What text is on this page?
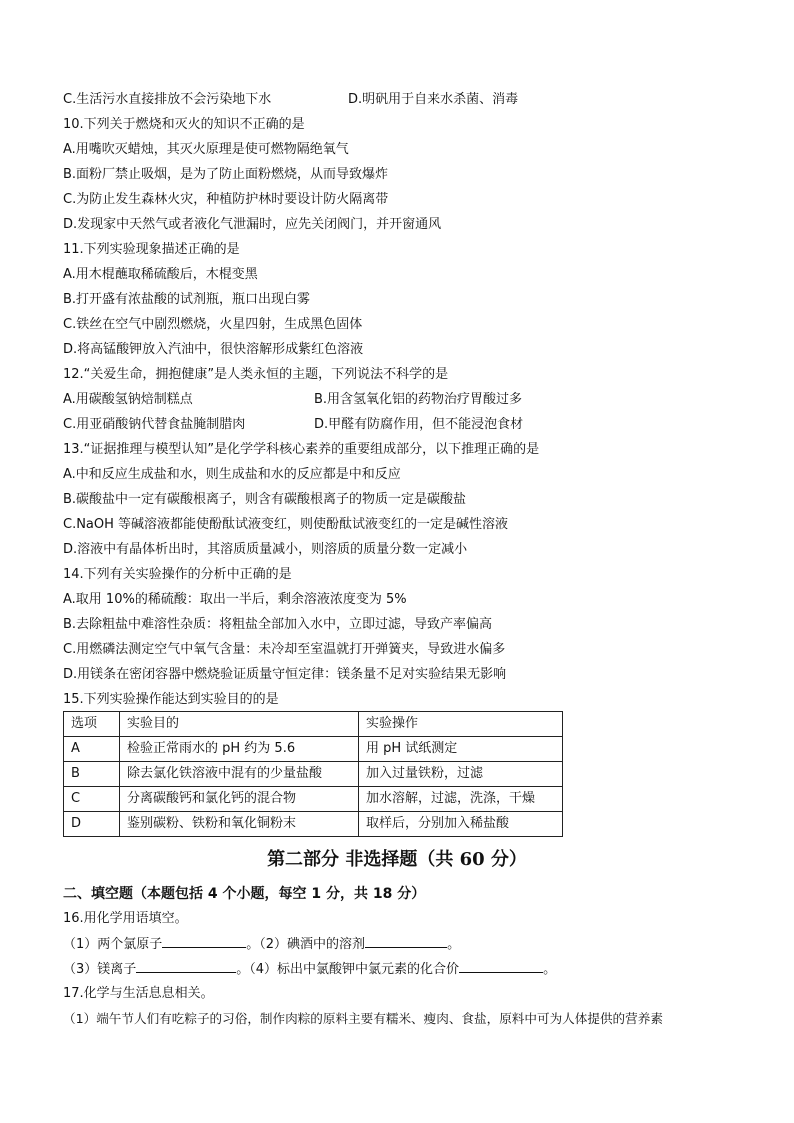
C.生活污水直接排放不会污染地下水	D.明矾用于自来水杀菌、消毒
10.下列关于燃烧和灭火的知识不正确的是
A.用嘴吹灭蜡烛，其灭火原理是使可燃物隔绝氧气
B.面粉厂禁止吸烟，是为了防止面粉燃烧，从而导致爆炸
C.为防止发生森林火灾，种植防护林时要设计防火隔离带
D.发现家中天然气或者液化气泄漏时，应先关闭阀门，并开窗通风
11.下列实验现象描述正确的是
A.用木棍蘸取稀硫酸后，木棍变黑
B.打开盛有浓盐酸的试剂瓶，瓶口出现白雾
C.铁丝在空气中剧烈燃烧，火星四射，生成黑色固体
D.将高锰酸钾放入汽油中，很快溶解形成紫红色溶液
12.“关爱生命，拥抱健康”是人类永恒的主题，下列说法不科学的是
A.用碳酸氢钠焙制糕点	B.用含氢氧化铝的药物治疗胃酸过多
C.用亚硝酸钠代替食盐腌制腊肉	D.甲醛有防腐作用，但不能浸泡食材
13.“证据推理与模型认知”是化学学科核心素养的重要组成部分，以下推理正确的是
A.中和反应生成盐和水，则生成盐和水的反应都是中和反应
B.碳酸盐中一定有碳酸根离子，则含有碳酸根离子的物质一定是碳酸盐
C.NaOH 等碱溶液都能使酚酞试液变红，则使酚酞试液变红的一定是碱性溶液
D.溶液中有晶体析出时，其溶质质量减小，则溶质的质量分数一定减小
14.下列有关实验操作的分析中正确的是
A.取用 10%的稀硫酸：取出一半后，剩余溶液浓度变为 5%
B.去除粗盐中难溶性杂质：将粗盐全部加入水中，立即过滤，导致产率偏高
C.用燃磷法测定空气中氧气含量：未冷却至室温就打开弹簧夹，导致进水偏多
D.用镁条在密闭容器中燃烧验证质量守恒定律：镁条量不足对实验结果无影响
15.下列实验操作能达到实验目的的是
选项	实验目的	实验操作
A	检验正常雨水的 pH 约为 5.6	用 pH 试纸测定
B	除去氯化铁溶液中混有的少量盐酸	加入过量铁粉，过滤
C	分离碳酸钙和氯化钙的混合物	加水溶解，过滤，洗涤，干燥
D	鉴别碳粉、铁粉和氧化铜粉末	取样后，分别加入稀盐酸
第二部分 非选择题（共 60 分）
二、填空题（本题包括 4 个小题，每空 1 分，共 18 分）
16.用化学用语填空。
（1）两个氯原子	。（2）碘酒中的溶剂	。
（3）镁离子	。（4）标出中氯酸钾中氯元素的化合价	。
17.化学与生活息息相关。
（1）端午节人们有吃粽子的习俗，制作肉粽的原料主要有糯米、瘦肉、食盐，原料中可为人体提供的营养素
